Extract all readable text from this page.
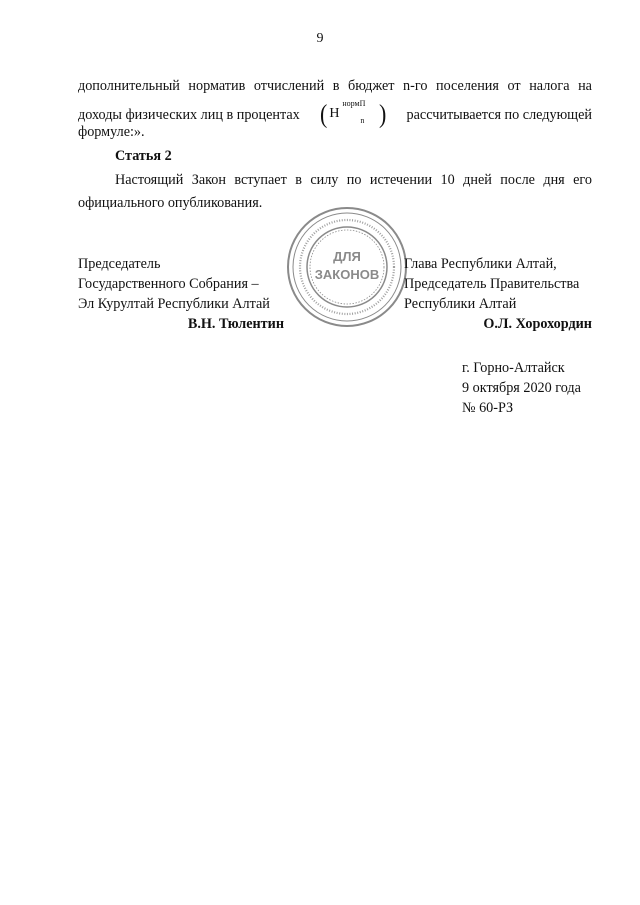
9
дополнительный норматив отчислений в бюджет n-го поселения от налога на
доходы физических лиц в процентах ( Н
нормП
n ) рассчитывается по следующей
формуле:».
Статья 2
Настоящий Закон вступает в силу по истечении 10 дней после дня его
официального опубликования.
ДЛЯ
ЗАКОНОВ
Председатель
Государственного Собрания –
Эл Курултай Республики Алтай
В.Н. Тюлентин
Глава Республики Алтай,
Председатель Правительства
Республики Алтай
О.Л. Хорохордин
г. Горно-Алтайск
9 октября 2020 года
№ 60-РЗ
